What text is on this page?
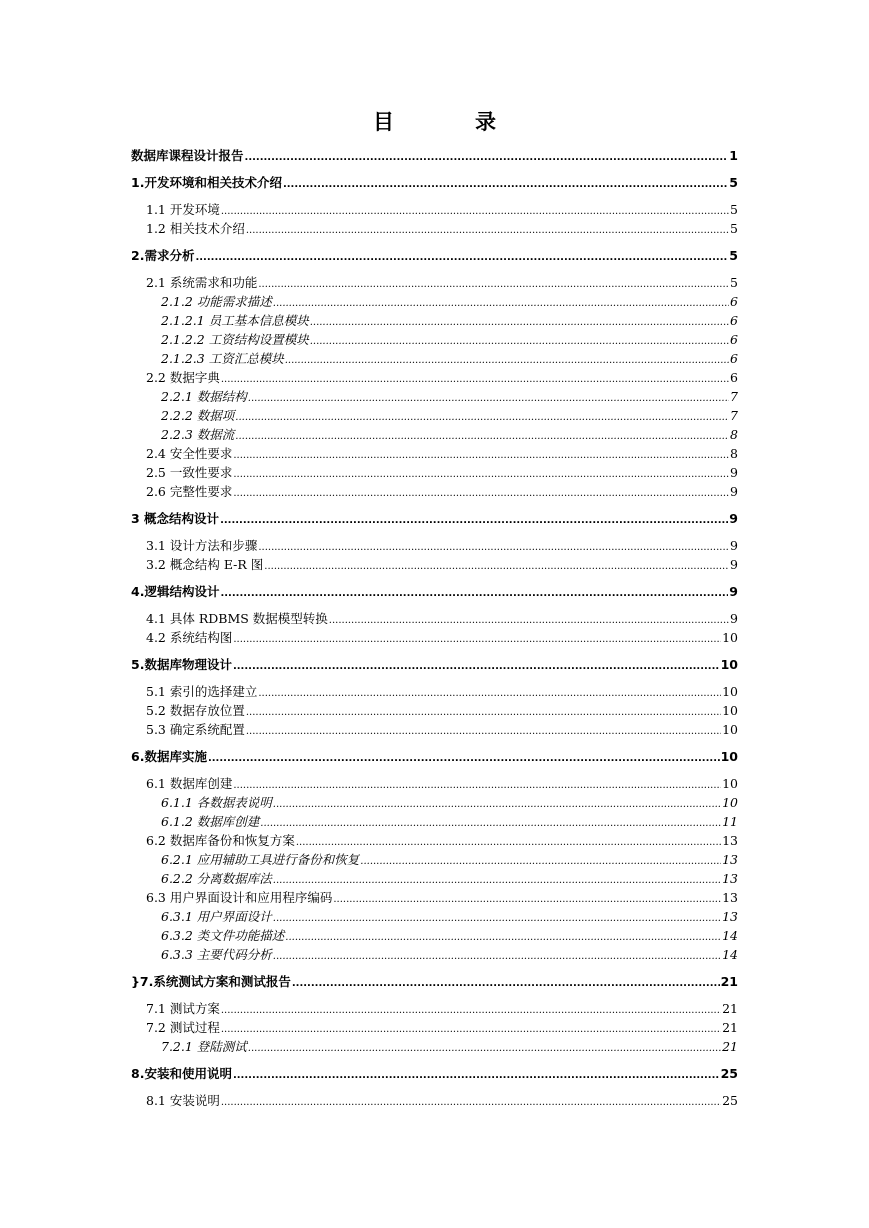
目　录
数据库课程设计报告 .....	1
1.开发环境和相关技术介绍 .....	5
1.1 开发环境 .....	5
1.2 相关技术介绍 .....	5
2.需求分析 .....	5
2.1 系统需求和功能 .....	5
2.1.2 功能需求描述 .....	6
2.1.2.1 员工基本信息模块 .....	6
2.1.2.2 工资结构设置模块 .....	6
2.1.2.3 工资汇总模块 .....	6
2.2 数据字典 .....	6
2.2.1 数据结构 .....	7
2.2.2 数据项 .....	7
2.2.3 数据流 .....	8
2.4 安全性要求 .....	8
2.5 一致性要求 .....	9
2.6 完整性要求 .....	9
3 概念结构设计 .....	9
3.1 设计方法和步骤 .....	9
3.2 概念结构 E-R 图 .....	9
4.逻辑结构设计 .....	9
4.1 具体 RDBMS 数据模型转换 .....	9
4.2 系统结构图 .....	10
5.数据库物理设计 .....	10
5.1 索引的选择建立 .....	10
5.2 数据存放位置 .....	10
5.3 确定系统配置 .....	10
6.数据库实施 .....	10
6.1 数据库创建 .....	10
6.1.1 各数据表说明 .....	10
6.1.2 数据库创建 .....	11
6.2 数据库备份和恢复方案 .....	13
6.2.1 应用辅助工具进行备份和恢复 .....	13
6.2.2 分离数据库法 .....	13
6.3 用户界面设计和应用程序编码 .....	13
6.3.1 用户界面设计 .....	13
6.3.2 类文件功能描述 .....	14
6.3.3 主要代码分析 .....	14
}7.系统测试方案和测试报告 .....	21
7.1 测试方案 .....	21
7.2 测试过程 .....	21
7.2.1 登陆测试 .....	21
8.安装和使用说明 .....	25
8.1 安装说明 .....	25
